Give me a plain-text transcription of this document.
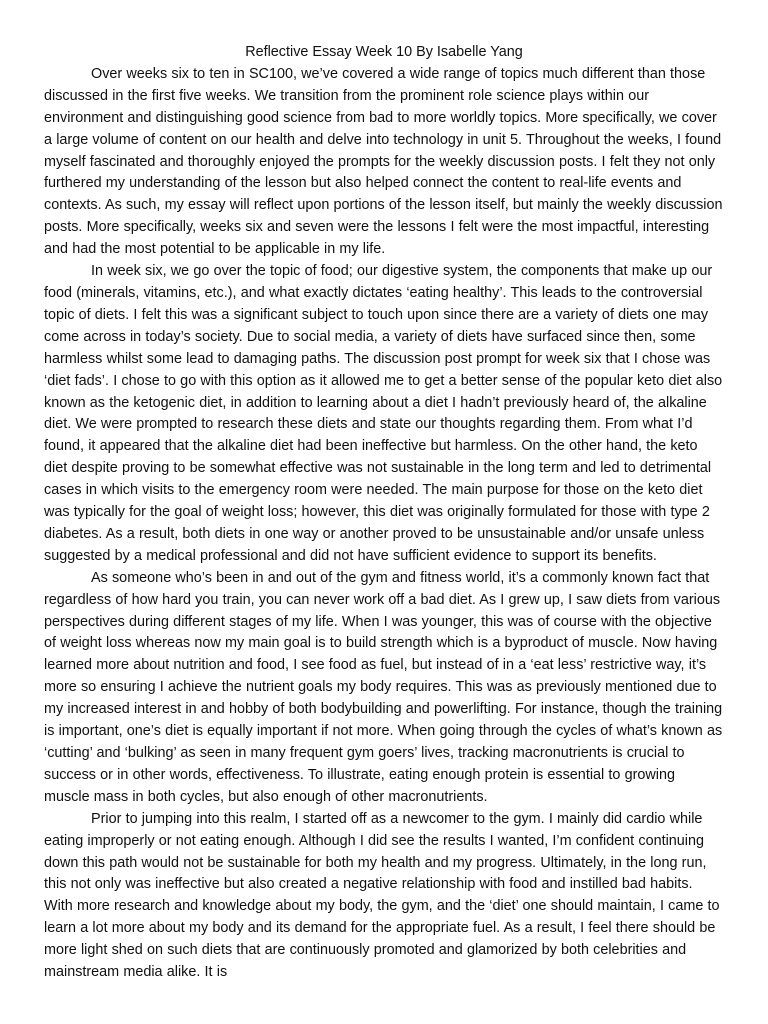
Reflective Essay Week 10 By Isabelle Yang

Over weeks six to ten in SC100, we’ve covered a wide range of topics much different than those discussed in the first five weeks. We transition from the prominent role science plays within our environment and distinguishing good science from bad to more worldly topics. More specifically, we cover a large volume of content on our health and delve into technology in unit 5. Throughout the weeks, I found myself fascinated and thoroughly enjoyed the prompts for the weekly discussion posts. I felt they not only furthered my understanding of the lesson but also helped connect the content to real-life events and contexts. As such, my essay will reflect upon portions of the lesson itself, but mainly the weekly discussion posts. More specifically, weeks six and seven were the lessons I felt were the most impactful, interesting and had the most potential to be applicable in my life.

In week six, we go over the topic of food; our digestive system, the components that make up our food (minerals, vitamins, etc.), and what exactly dictates ‘eating healthy’. This leads to the controversial topic of diets. I felt this was a significant subject to touch upon since there are a variety of diets one may come across in today’s society. Due to social media, a variety of diets have surfaced since then, some harmless whilst some lead to damaging paths. The discussion post prompt for week six that I chose was ‘diet fads’. I chose to go with this option as it allowed me to get a better sense of the popular keto diet also known as the ketogenic diet, in addition to learning about a diet I hadn’t previously heard of, the alkaline diet. We were prompted to research these diets and state our thoughts regarding them. From what I’d found, it appeared that the alkaline diet had been ineffective but harmless. On the other hand, the keto diet despite proving to be somewhat effective was not sustainable in the long term and led to detrimental cases in which visits to the emergency room were needed. The main purpose for those on the keto diet was typically for the goal of weight loss; however, this diet was originally formulated for those with type 2 diabetes. As a result, both diets in one way or another proved to be unsustainable and/or unsafe unless suggested by a medical professional and did not have sufficient evidence to support its benefits.

As someone who’s been in and out of the gym and fitness world, it’s a commonly known fact that regardless of how hard you train, you can never work off a bad diet. As I grew up, I saw diets from various perspectives during different stages of my life. When I was younger, this was of course with the objective of weight loss whereas now my main goal is to build strength which is a byproduct of muscle. Now having learned more about nutrition and food, I see food as fuel, but instead of in a ‘eat less’ restrictive way, it’s more so ensuring I achieve the nutrient goals my body requires. This was as previously mentioned due to my increased interest in and hobby of both bodybuilding and powerlifting. For instance, though the training is important, one’s diet is equally important if not more. When going through the cycles of what’s known as ‘cutting’ and ‘bulking’ as seen in many frequent gym goers’ lives, tracking macronutrients is crucial to success or in other words, effectiveness. To illustrate, eating enough protein is essential to growing muscle mass in both cycles, but also enough of other macronutrients.

Prior to jumping into this realm, I started off as a newcomer to the gym. I mainly did cardio while eating improperly or not eating enough. Although I did see the results I wanted, I’m confident continuing down this path would not be sustainable for both my health and my progress. Ultimately, in the long run, this not only was ineffective but also created a negative relationship with food and instilled bad habits. With more research and knowledge about my body, the gym, and the ‘diet’ one should maintain, I came to learn a lot more about my body and its demand for the appropriate fuel. As a result, I feel there should be more light shed on such diets that are continuously promoted and glamorized by both celebrities and mainstream media alike. It is
